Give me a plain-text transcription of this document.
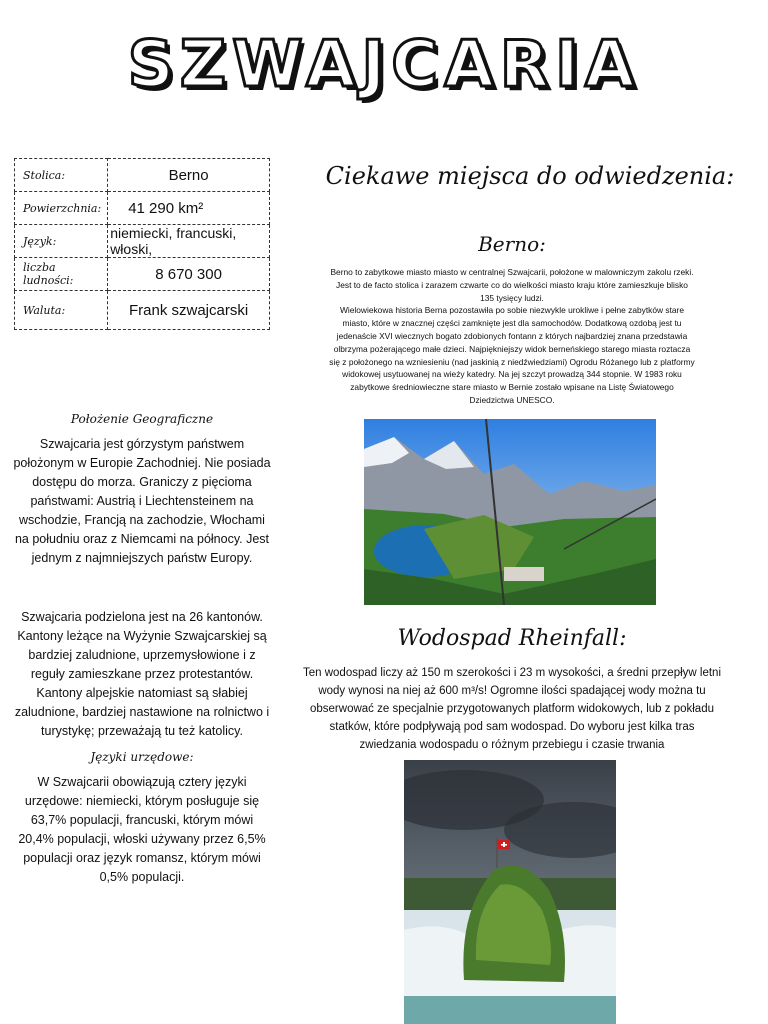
SZWAJCARIA
Stolica:	Berno
Powierzchnia:	41 290 km²
Język:	niemiecki, francuski, włoski,
liczba ludności:	8 670 300
Waluta:	Frank szwajcarski
Położenie Geograficzne
Szwajcaria jest górzystym państwem położonym w Europie Zachodniej. Nie posiada dostępu do morza. Graniczy z pięcioma państwami: Austrią i Liechtensteinem na wschodzie, Francją na zachodzie, Włochami na południu oraz z Niemcami na północy. Jest jednym z najmniejszych państw Europy.
Szwajcaria podzielona jest na 26 kantonów. Kantony leżące na Wyżynie Szwajcarskiej są bardziej zaludnione, uprzemysłowione i z reguły zamieszkane przez protestantów. Kantony alpejskie natomiast są słabiej zaludnione, bardziej nastawione na rolnictwo i turystykę; przeważają tu też katolicy.
Języki urzędowe:
W Szwajcarii obowiązują cztery języki urzędowe: niemiecki, którym posługuje się 63,7% populacji, francuski, którym mówi 20,4% populacji, włoski używany przez 6,5% populacji oraz język romansz, którym mówi 0,5% populacji.
Ciekawe miejsca do odwiedzenia:
Berno:
Berno to zabytkowe miasto miasto w centralnej Szwajcarii, położone w malowniczym zakolu rzeki. Jest to de facto stolica i zarazem czwarte co do wielkości miasto kraju które zamieszkuje blisko 135 tysięcy ludzi.
Wielowiekowa historia Berna pozostawiła po sobie niezwykle urokliwe i pełne zabytków stare miasto, które w znacznej części zamknięte jest dla samochodów. Dodatkową ozdobą jest tu jedenaście XVI wiecznych bogato zdobionych fontann z których najbardziej znana przedstawia olbrzyma pożerającego małe dzieci. Najpiękniejszy widok berneńskiego starego miasta roztacza się z położonego na wzniesieniu (nad jaskinią z niedźwiedziami) Ogrodu Różanego lub z platformy widokowej usytuowanej na wieży katedry. Na jej szczyt prowadzą 344 stopnie. W 1983 roku zabytkowe średniowieczne stare miasto w Bernie zostało wpisane na Listę Światowego Dziedzictwa UNESCO.
Wodospad Rheinfall:
Ten wodospad liczy aż 150 m szerokości i 23 m wysokości, a średni przepływ letni wody wynosi na niej aż 600 m³/s! Ogromne ilości spadającej wody można tu obserwować ze specjalnie przygotowanych platform widokowych, lub z pokładu statków, które podpływają pod sam wodospad. Do wyboru jest kilka tras zwiedzania wodospadu o różnym przebiegu i czasie trwania
